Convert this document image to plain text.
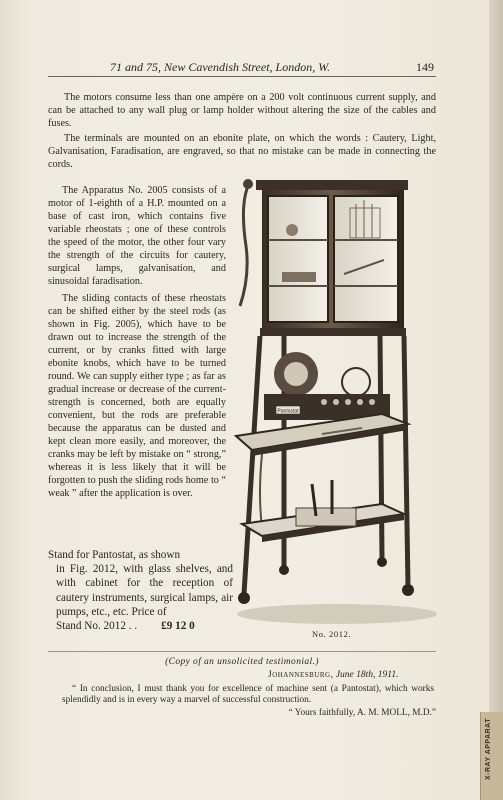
X-RAY APPARAT
71 and 75, New Cavendish Street, London, W.	149

The motors consume less than one ampère on a 200 volt continuous current supply, and can be attached to any wall plug or lamp holder without altering the size of the cables and fuses.

The terminals are mounted on an ebonite plate, on which the words : Cautery, Light, Galvanisation, Faradisation, are engraved, so that no mistake can be made in connecting the cords.

The Apparatus No. 2005 consists of a motor of 1-eighth of a H.P. mounted on a base of cast iron, which contains five variable rheostats ; one of these controls the speed of the motor, the other four vary the strength of the circuits for cautery, surgical lamps, galvanisation, and sinusoidal faradisation.

The sliding contacts of these rheostats can be shifted either by the steel rods (as shown in Fig. 2005), which have to be drawn out to increase the strength of the current, or by cranks fitted with large ebonite knobs, which have to be turned round. We can supply either type ; as far as gradual increase or decrease of the current-strength is concerned, both are equally convenient, but the rods are preferable because the apparatus can be dusted and kept clean more easily, and moreover, the cranks may be left by mistake on “ strong,” whereas it is less likely that it will be forgotten to push the sliding rods home to “ weak ” after the application is over.

Stand for Pantostat, as shown
in Fig. 2012, with glass shelves, and with cabinet for the reception of cautery instruments, surgical lamps, air pumps, etc., etc. Price of
Stand No. 2012 . . £9 12 0
Pantostat
No. 2012.
(Copy of an unsolicited testimonial.)
Johannesburg, June 18th, 1911.

“ In conclusion, I must thank you for excellence of machine sent (a Pantostat), which works splendidly and is in every way a marvel of successful construction.

“ Yours faithfully, A. M. MOLL, M.D.”
